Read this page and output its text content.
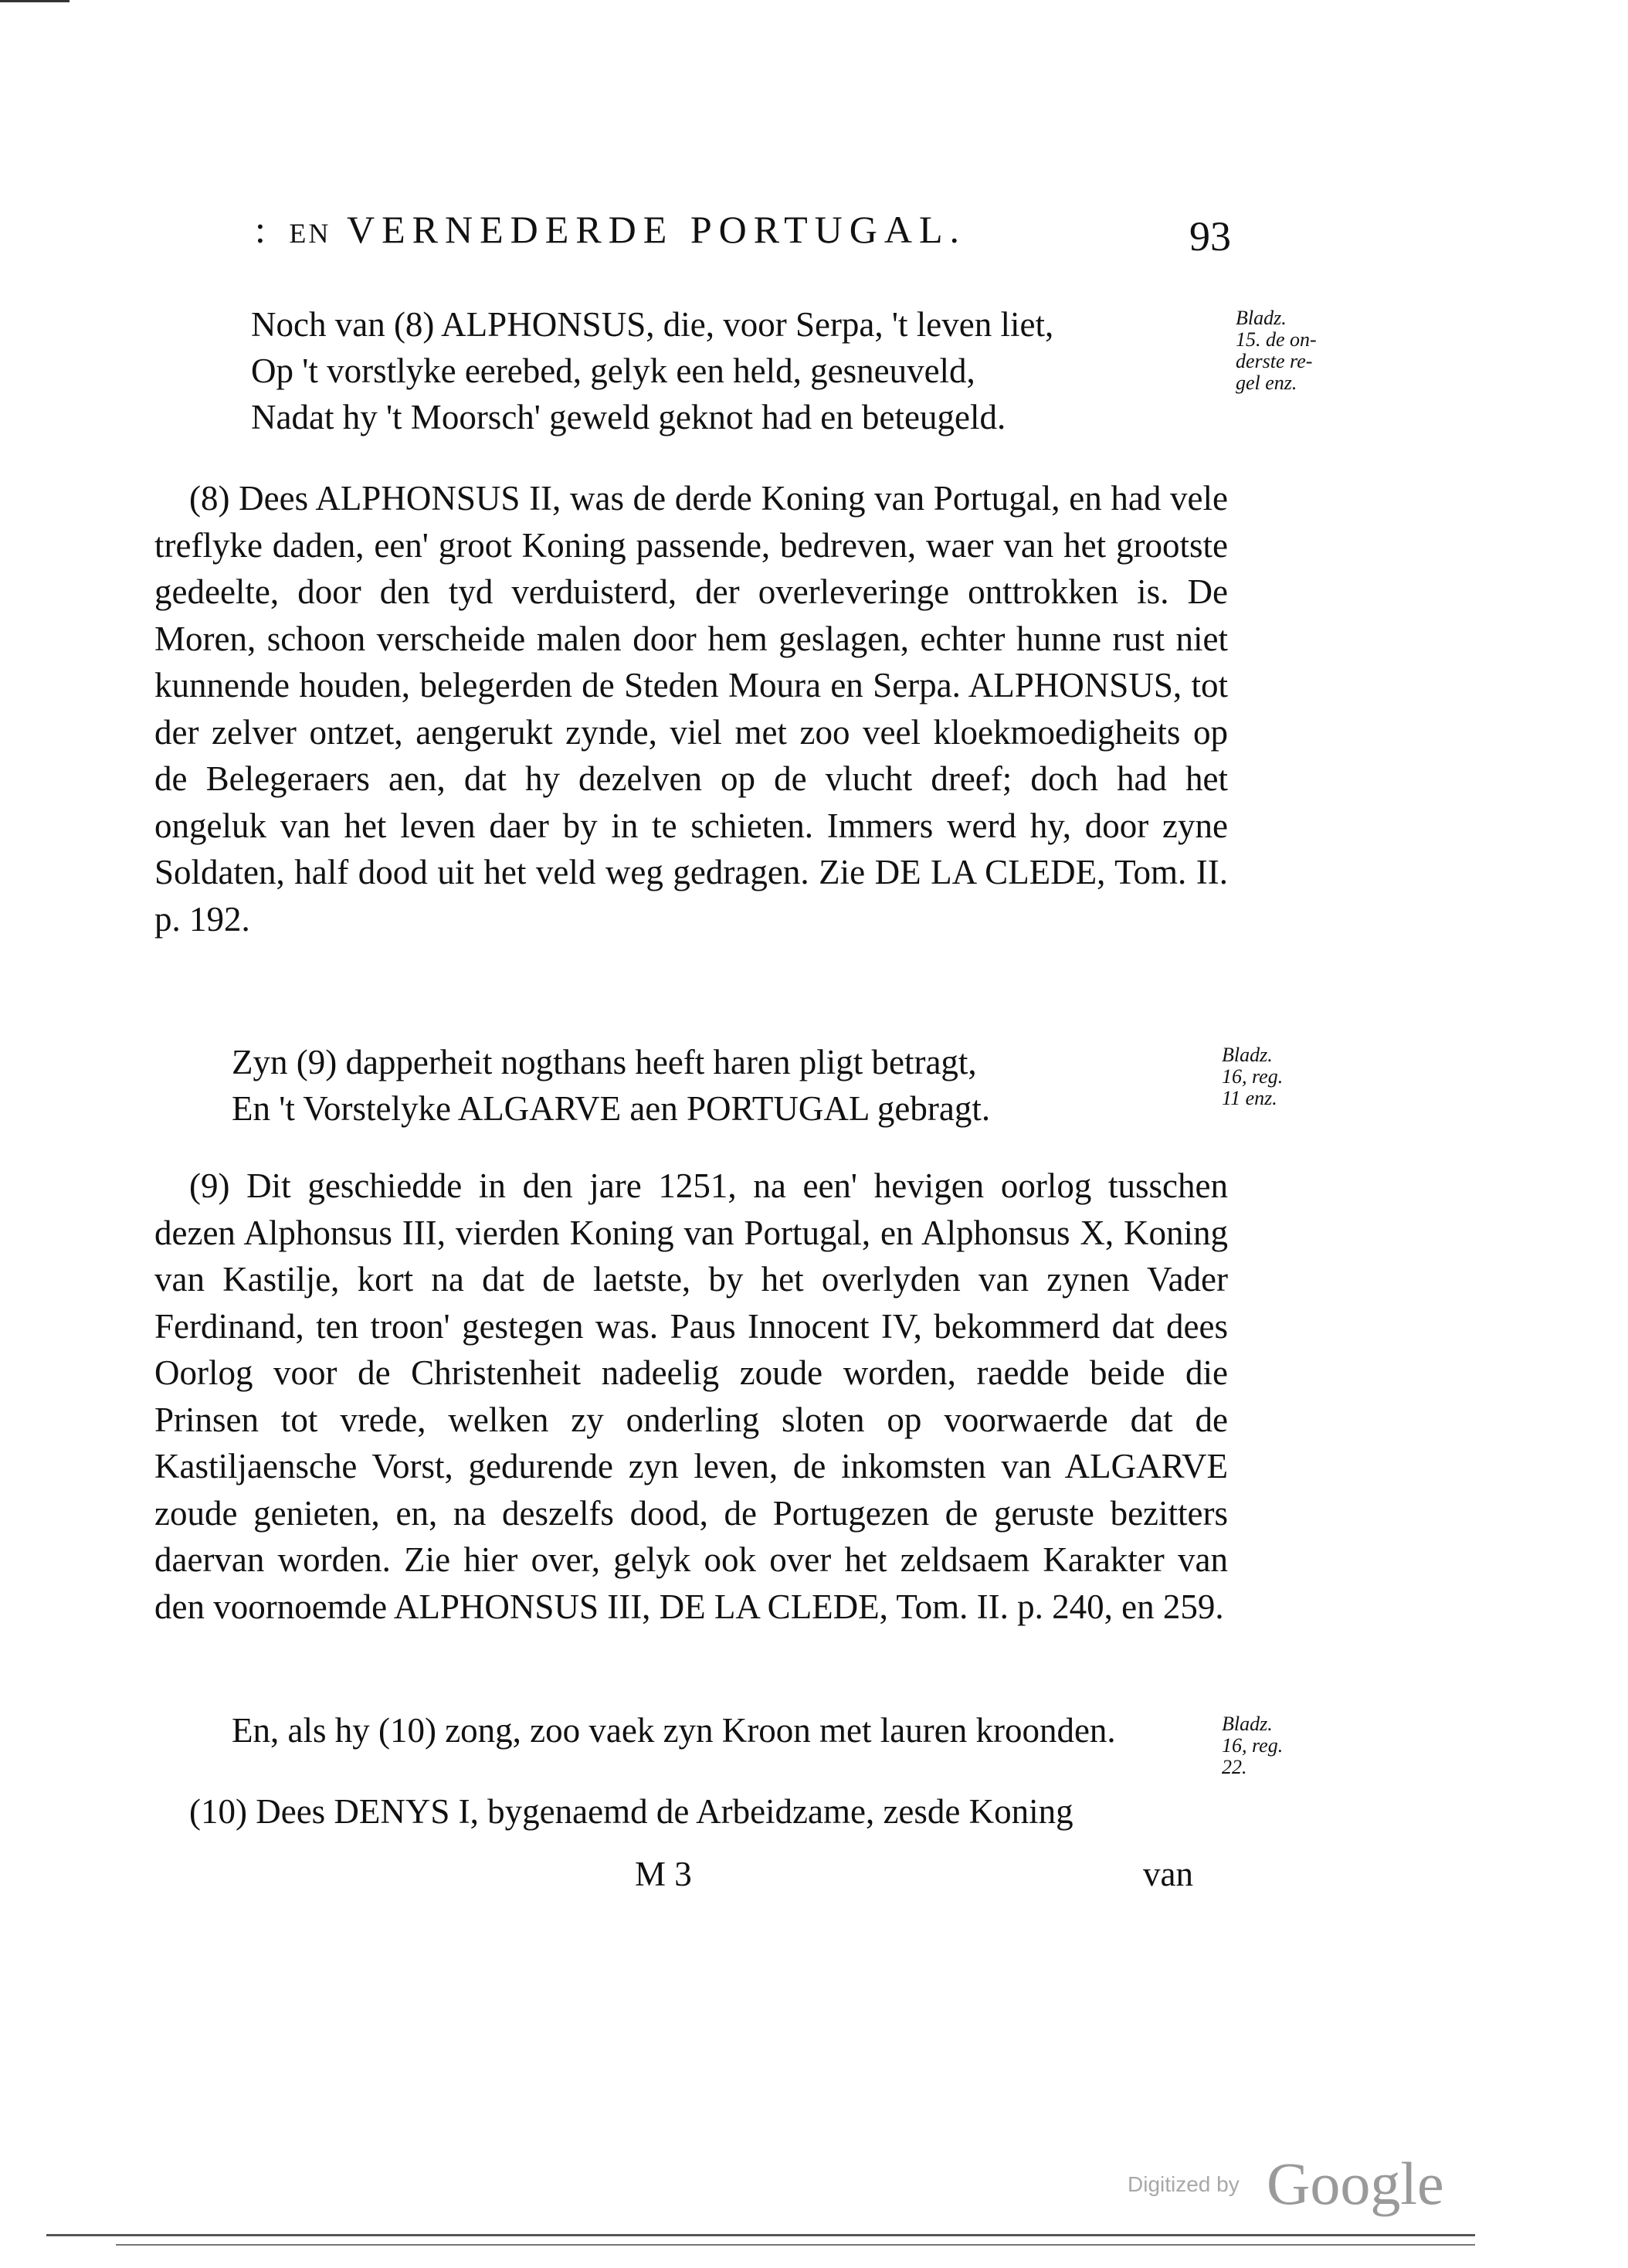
: EN VERNEDERDE PORTUGAL.	93
Noch van (8) ALPHONSUS, die, voor Serpa, 't leven liet,
Op 't vorstlyke eerebed, gelyk een held, gesneuveld,
Nadat hy 't Moorsch' geweld geknot had en beteugeld.
Bladz.
15. de on-
derste re-
gel enz.

(8) Dees ALPHONSUS II, was de derde Koning van Portugal, en had vele treflyke daden, een' groot Koning passende, bedreven, waer van het grootste gedeelte, door den tyd verduisterd, der overleveringe onttrokken is. De Moren, schoon verscheide malen door hem geslagen, echter hunne rust niet kunnende houden, belegerden de Steden Moura en Serpa. ALPHONSUS, tot der zelver ontzet, aengerukt zynde, viel met zoo veel kloekmoedigheits op de Belegeraers aen, dat hy dezelven op de vlucht dreef; doch had het ongeluk van het leven daer by in te schieten. Immers werd hy, door zyne Soldaten, half dood uit het veld weg gedragen. Zie DE LA CLEDE, Tom. II. p. 192.

Zyn (9) dapperheit nogthans heeft haren pligt betragt,
En 't Vorstelyke ALGARVE aen PORTUGAL gebragt.
Bladz.
16, reg.
11 enz.

(9) Dit geschiedde in den jare 1251, na een' hevigen oorlog tusschen dezen Alphonsus III, vierden Koning van Portugal, en Alphonsus X, Koning van Kastilje, kort na dat de laetste, by het overlyden van zynen Vader Ferdinand, ten troon' gestegen was. Paus Innocent IV, bekommerd dat dees Oorlog voor de Christenheit nadeelig zoude worden, raedde beide die Prinsen tot vrede, welken zy onderling sloten op voorwaerde dat de Kastiljaensche Vorst, gedurende zyn leven, de inkomsten van ALGARVE zoude genieten, en, na deszelfs dood, de Portugezen de geruste bezitters daervan worden. Zie hier over, gelyk ook over het zeldsaem Karakter van den voornoemde ALPHONSUS III, DE LA CLEDE, Tom. II. p. 240, en 259.

En, als hy (10) zong, zoo vaek zyn Kroon met lauren kroonden.	Bladz.
16, reg.
22.

(10) Dees DENYS I, bygenaemd de Arbeidzame, zesde Koning

M 3	van
Digitized by Google
